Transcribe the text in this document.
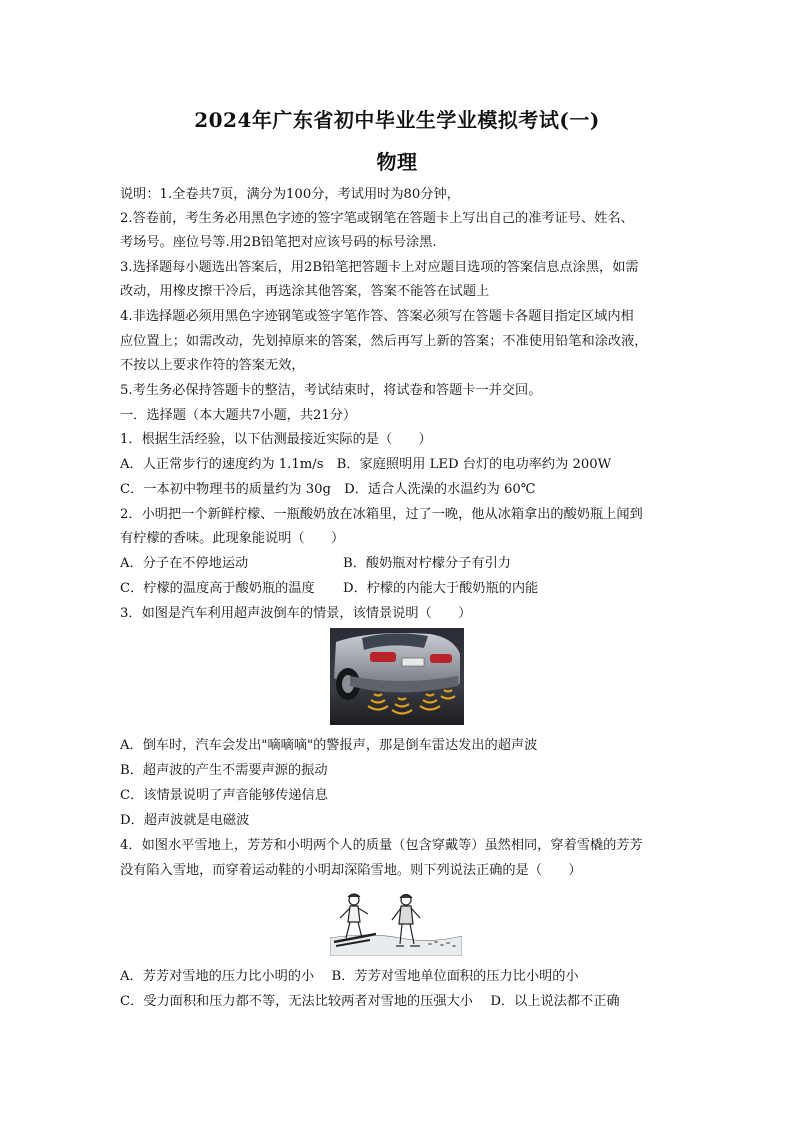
2024年广东省初中毕业生学业模拟考试(一)
物理
说明：1.全卷共7页，满分为100分，考试用时为80分钟，
2.答卷前，考生务必用黑色字迹的签字笔或钢笔在答题卡上写出自己的准考证号、姓名、
考场号。座位号等.用2B铅笔把对应该号码的标号涂黑.
3.选择题每小题选出答案后，用2B铅笔把答题卡上对应题目选项的答案信息点涂黑，如需
改动，用橡皮擦干冷后，再选涂其他答案，答案不能答在试题上
4.非选择题必须用黑色字迹钢笔或签字笔作答、答案必须写在答题卡各题目指定区域内相
应位置上；如需改动，先划掉原来的答案，然后再写上新的答案；不准使用铅笔和涂改液，
不按以上要求作符的答案无效，
5.考生务必保持答题卡的整洁，考试结束时，将试卷和答题卡一并交回。
一．选择题（本大题共7小题，共21分）
1．根据生活经验，以下估测最接近实际的是（　　）
A．人正常步行的速度约为 1.1m/s　B．家庭照明用 LED 台灯的电功率约为 200W
C．一本初中物理书的质量约为 30g　D．适合人洗澡的水温约为 60℃
2．小明把一个新鲜柠檬、一瓶酸奶放在冰箱里，过了一晚，他从冰箱拿出的酸奶瓶上闻到
有柠檬的香味。此现象能说明（　　）
A．分子在不停地运动	B．酸奶瓶对柠檬分子有引力
C．柠檬的温度高于酸奶瓶的温度 D．柠檬的内能大于酸奶瓶的内能
3．如图是汽车利用超声波倒车的情景，该情景说明（　　）
A．倒车时，汽车会发出"嘀嘀嘀"的警报声，那是倒车雷达发出的超声波
B．超声波的产生不需要声源的振动
C．该情景说明了声音能够传递信息
D．超声波就是电磁波
4．如图水平雪地上，芳芳和小明两个人的质量（包含穿戴等）虽然相同，穿着雪橇的芳芳
没有陷入雪地，而穿着运动鞋的小明却深陷雪地。则下列说法正确的是（　　）
A．芳芳对雪地的压力比小明的小　 B．芳芳对雪地单位面积的压力比小明的小
C．受力面积和压力都不等，无法比较两者对雪地的压强大小　 D．以上说法都不正确
